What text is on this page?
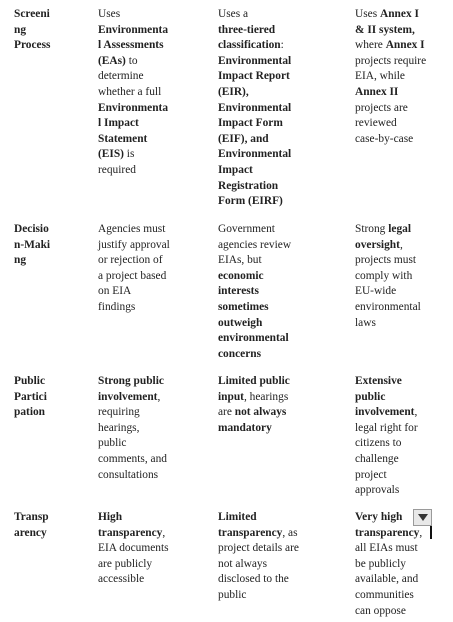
Screeni
ng
Process
Uses
Environmenta
l Assessments
(EAs) to
determine
whether a full
Environmenta
l Impact
Statement
(EIS) is
required
Uses a
three-tiered
classification:
Environmental
Impact Report
(EIR),
Environmental
Impact Form
(EIF), and
Environmental
Impact
Registration
Form (EIRF)
Uses Annex I
& II system,
where Annex I
projects require
EIA, while
Annex II
projects are
reviewed
case-by-case
Decisio
n-Maki
ng
Agencies must
justify approval
or rejection of
a project based
on EIA
findings
Government
agencies review
EIAs, but
economic
interests
sometimes
outweigh
environmental
concerns
Strong legal
oversight,
projects must
comply with
EU-wide
environmental
laws
Public
Partici
pation
Strong public
involvement,
requiring
hearings,
public
comments, and
consultations
Limited public
input, hearings
are not always
mandatory
Extensive
public
involvement,
legal right for
citizens to
challenge
project
approvals
Transp
arency
High
transparency,
EIA documents
are publicly
accessible
Limited
transparency, as
project details are
not always
disclosed to the
public
Very high
transparency,
all EIAs must
be publicly
available, and
communities
can oppose
